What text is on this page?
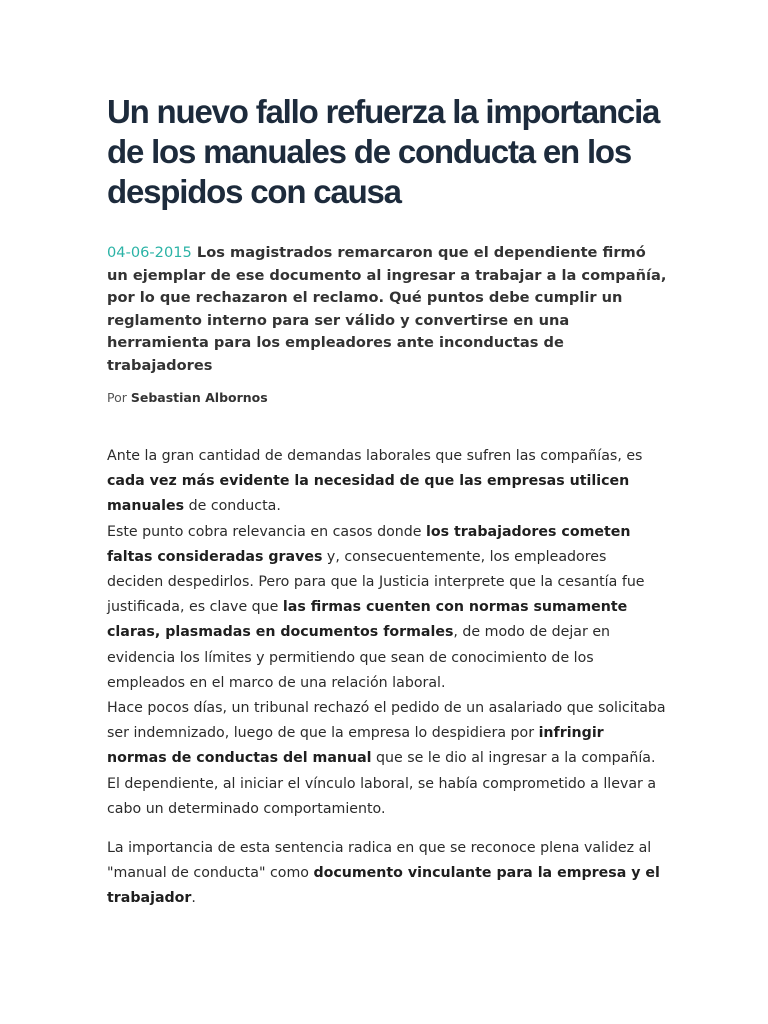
Un nuevo fallo refuerza la importancia de los manuales de conducta en los despidos con causa

04-06-2015 Los magistrados remarcaron que el dependiente firmó un ejemplar de ese documento al ingresar a trabajar a la compañía, por lo que rechazaron el reclamo. Qué puntos debe cumplir un reglamento interno para ser válido y convertirse en una herramienta para los empleadores ante inconductas de trabajadores

Por Sebastian Albornos

Ante la gran cantidad de demandas laborales que sufren las compañías, es cada vez más evidente la necesidad de que las empresas utilicen manuales de conducta.

Este punto cobra relevancia en casos donde los trabajadores cometen faltas consideradas graves y, consecuentemente, los empleadores deciden despedirlos. Pero para que la Justicia interprete que la cesantía fue justificada, es clave que las firmas cuenten con normas sumamente claras, plasmadas en documentos formales, de modo de dejar en evidencia los límites y permitiendo que sean de conocimiento de los empleados en el marco de una relación laboral.

Hace pocos días, un tribunal rechazó el pedido de un asalariado que solicitaba ser indemnizado, luego de que la empresa lo despidiera por infringir normas de conductas del manual que se le dio al ingresar a la compañía.

El dependiente, al iniciar el vínculo laboral, se había comprometido a llevar a cabo un determinado comportamiento.

La importancia de esta sentencia radica en que se reconoce plena validez al "manual de conducta" como documento vinculante para la empresa y el trabajador.
